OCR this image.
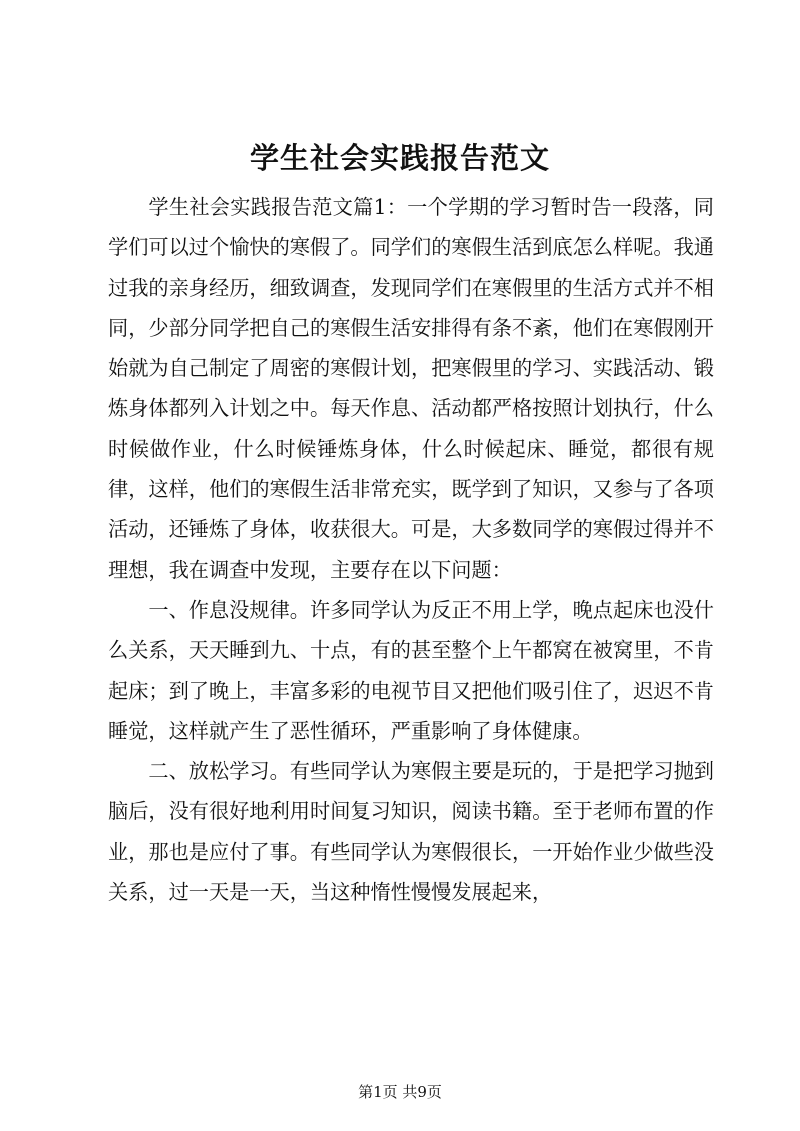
学生社会实践报告范文

学生社会实践报告范文篇1：一个学期的学习暂时告一段落，同学们可以过个愉快的寒假了。同学们的寒假生活到底怎么样呢。我通过我的亲身经历，细致调查，发现同学们在寒假里的生活方式并不相同，少部分同学把自己的寒假生活安排得有条不紊，他们在寒假刚开始就为自己制定了周密的寒假计划，把寒假里的学习、实践活动、锻炼身体都列入计划之中。每天作息、活动都严格按照计划执行，什么时候做作业，什么时候锤炼身体，什么时候起床、睡觉，都很有规律，这样，他们的寒假生活非常充实，既学到了知识，又参与了各项活动，还锤炼了身体，收获很大。可是，大多数同学的寒假过得并不理想，我在调查中发现，主要存在以下问题：

一、作息没规律。许多同学认为反正不用上学，晚点起床也没什么关系，天天睡到九、十点，有的甚至整个上午都窝在被窝里，不肯起床；到了晚上，丰富多彩的电视节目又把他们吸引住了，迟迟不肯睡觉，这样就产生了恶性循环，严重影响了身体健康。

二、放松学习。有些同学认为寒假主要是玩的，于是把学习抛到脑后，没有很好地利用时间复习知识，阅读书籍。至于老师布置的作业，那也是应付了事。有些同学认为寒假很长，一开始作业少做些没关系，过一天是一天，当这种惰性慢慢发展起来，

第1页 共9页
